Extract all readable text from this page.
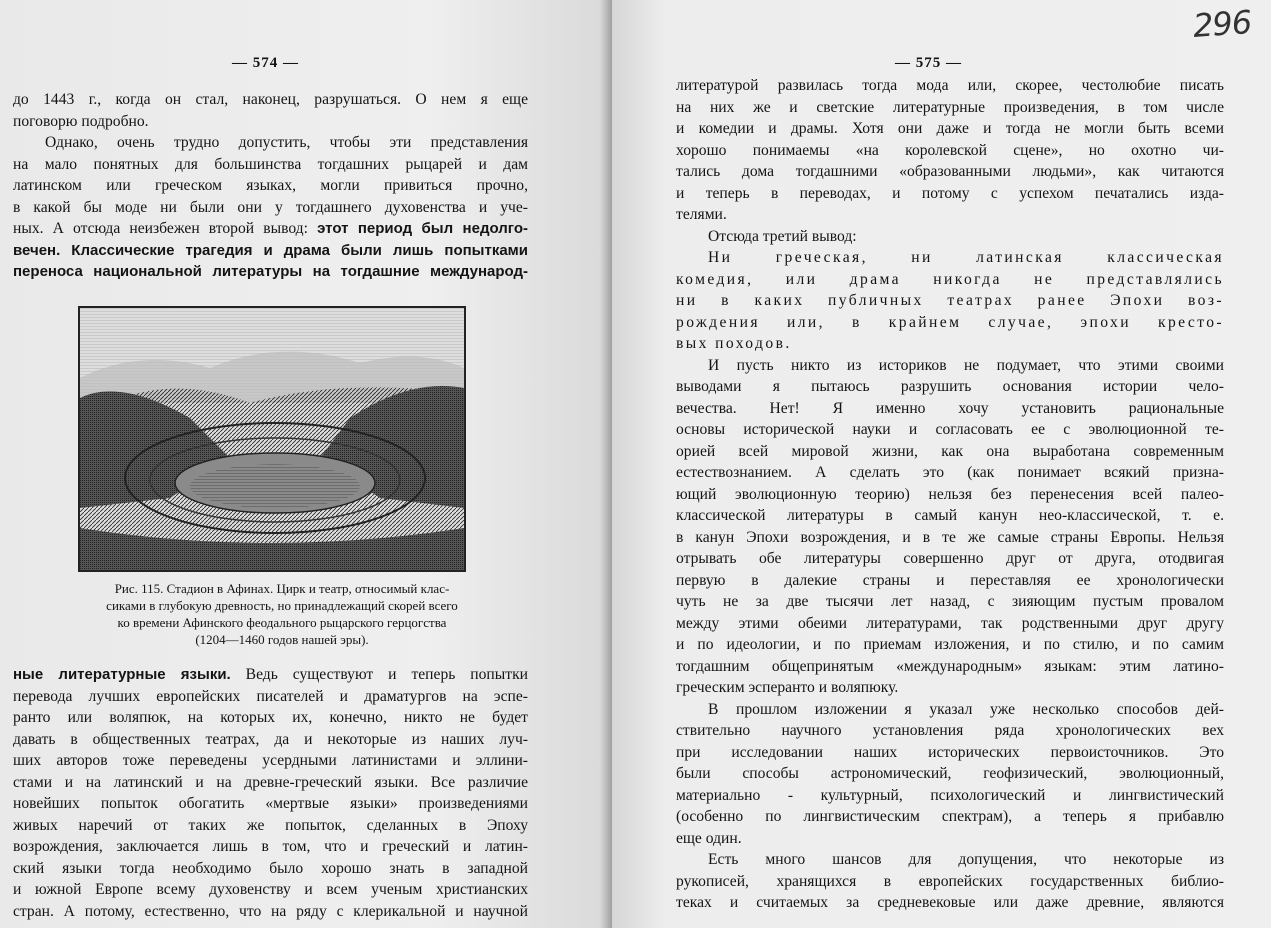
— 574 —
до 1443 г., когда он стал, наконец, разрушаться. О нем я еще
поговорю подробно.
Однако, очень трудно допустить, чтобы эти представления
на мало понятных для большинства тогдашних рыцарей и дам
латинском или греческом языках, могли привиться прочно,
в какой бы моде ни были они у тогдашнего духовенства и уче-
ных. А отсюда неизбежен второй вывод: этот период был недолго-
вечен. Классические трагедия и драма были лишь попытками
переноса национальной литературы на тогдашние международ-
Рис. 115. Стадион в Афинах. Цирк и театр, относимый клас-
сиками в глубокую древность, но принадлежащий скорей всего
ко времени Афинского феодального рыцарского герцогства
(1204—1460 годов нашей эры).
ные литературные языки. Ведь существуют и теперь попытки
перевода лучших европейских писателей и драматургов на эспе-
ранто или воляпюк, на которых их, конечно, никто не будет
давать в общественных театрах, да и некоторые из наших луч-
ших авторов тоже переведены усердными латинистами и эллини-
стами и на латинский и на древне-греческий языки. Все различие
новейших попыток обогатить «мертвые языки» произведениями
живых наречий от таких же попыток, сделанных в Эпоху
возрождения, заключается лишь в том, что и греческий и латин-
ский языки тогда необходимо было хорошо знать в западной
и южной Европе всему духовенству и всем ученым христианских
стран. А потому, естественно, что на ряду с клерикальной и научной
— 575 —
296
литературой развилась тогда мода или, скорее, честолюбие писать
на них же и светские литературные произведения, в том числе
и комедии и драмы. Хотя они даже и тогда не могли быть всеми
хорошо понимаемы «на королевской сцене», но охотно чи-
тались дома тогдашними «образованными людьми», как читаются
и теперь в переводах, и потому с успехом печатались изда-
телями.
Отсюда третий вывод:
Ни греческая, ни латинская классическая
комедия, или драма никогда не представлялись
ни в каких публичных театрах ранее Эпохи воз-
рождения или, в крайнем случае, эпохи кресто-
вых походов.
И пусть никто из историков не подумает, что этими своими
выводами я пытаюсь разрушить основания истории чело-
вечества. Нет! Я именно хочу установить рациональные
основы исторической науки и согласовать ее с эволюционной те-
орией всей мировой жизни, как она выработана современным
естествознанием. А сделать это (как понимает всякий призна-
ющий эволюционную теорию) нельзя без перенесения всей палео-
классической литературы в самый канун нео-классической, т. е.
в канун Эпохи возрождения, и в те же самые страны Европы. Нельзя
отрывать обе литературы совершенно друг от друга, отодвигая
первую в далекие страны и переставляя ее хронологически
чуть не за две тысячи лет назад, с зияющим пустым провалом
между этими обеими литературами, так родственными друг другу
и по идеологии, и по приемам изложения, и по стилю, и по самим
тогдашним общепринятым «международным» языкам: этим латино-
греческим эсперанто и воляпюку.
В прошлом изложении я указал уже несколько способов дей-
ствительно научного установления ряда хронологических вех
при исследовании наших исторических первоисточников. Это
были способы астрономический, геофизический, эволюционный,
материально - культурный, психологический и лингвистический
(особенно по лингвистическим спектрам), а теперь я прибавлю
еще один.
Есть много шансов для допущения, что некоторые из
рукописей, хранящихся в европейских государственных библио-
теках и считаемых за средневековые или даже древние, являются
